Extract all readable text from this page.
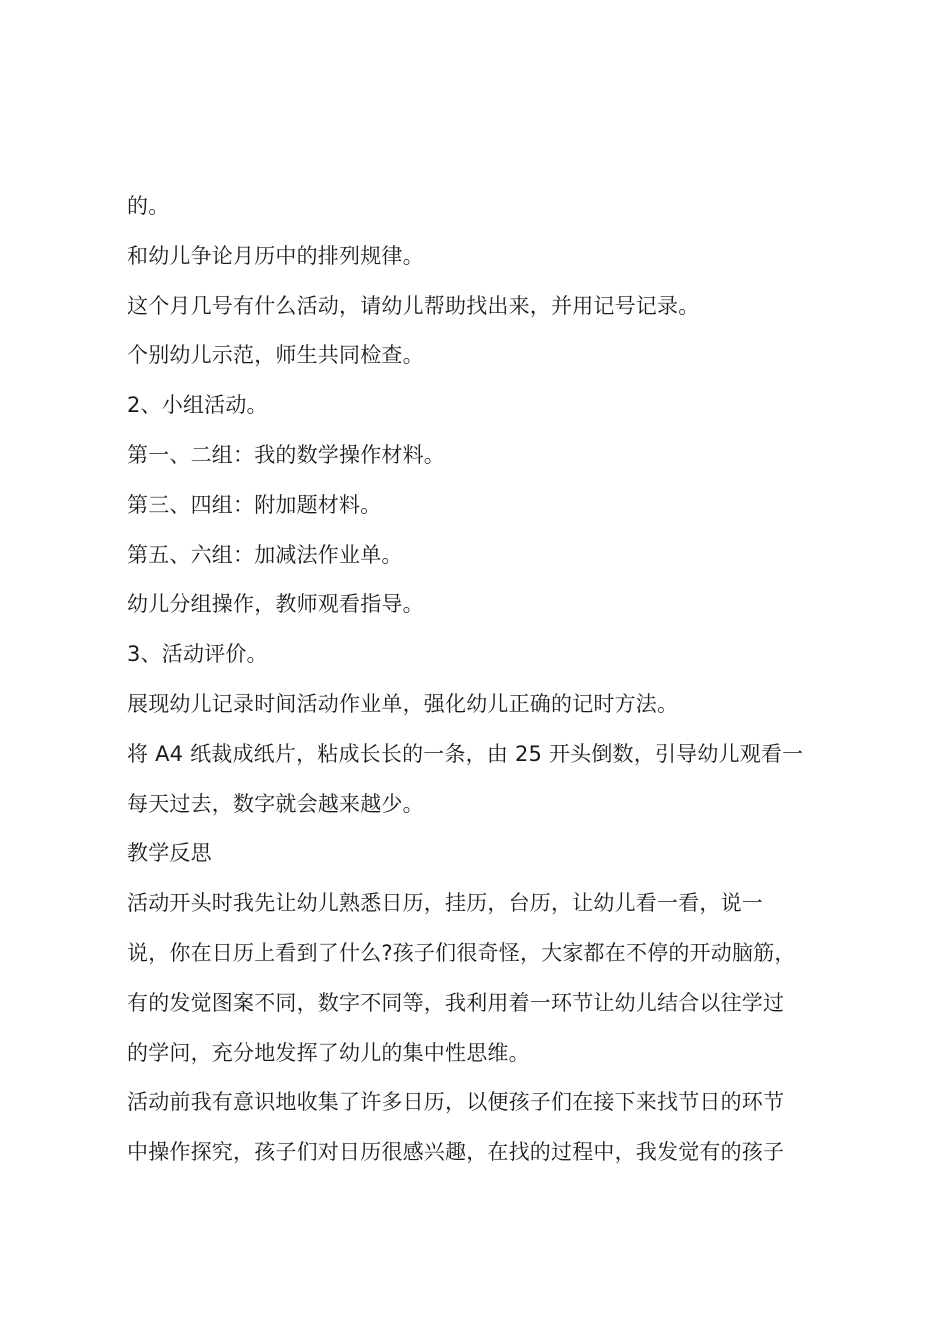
的。
和幼儿争论月历中的排列规律。
这个月几号有什么活动，请幼儿帮助找出来，并用记号记录。
个别幼儿示范，师生共同检查。
2、小组活动。
第一、二组：我的数学操作材料。
第三、四组：附加题材料。
第五、六组：加减法作业单。
幼儿分组操作，教师观看指导。
3、活动评价。
展现幼儿记录时间活动作业单，强化幼儿正确的记时方法。
将 A4 纸裁成纸片，粘成长长的一条，由 25 开头倒数，引导幼儿观看一
每天过去，数字就会越来越少。
教学反思
活动开头时我先让幼儿熟悉日历，挂历，台历，让幼儿看一看，说一
说，你在日历上看到了什么?孩子们很奇怪，大家都在不停的开动脑筋，
有的发觉图案不同，数字不同等，我利用着一环节让幼儿结合以往学过
的学问，充分地发挥了幼儿的集中性思维。
活动前我有意识地收集了许多日历，以便孩子们在接下来找节日的环节
中操作探究，孩子们对日历很感兴趣，在找的过程中，我发觉有的孩子
